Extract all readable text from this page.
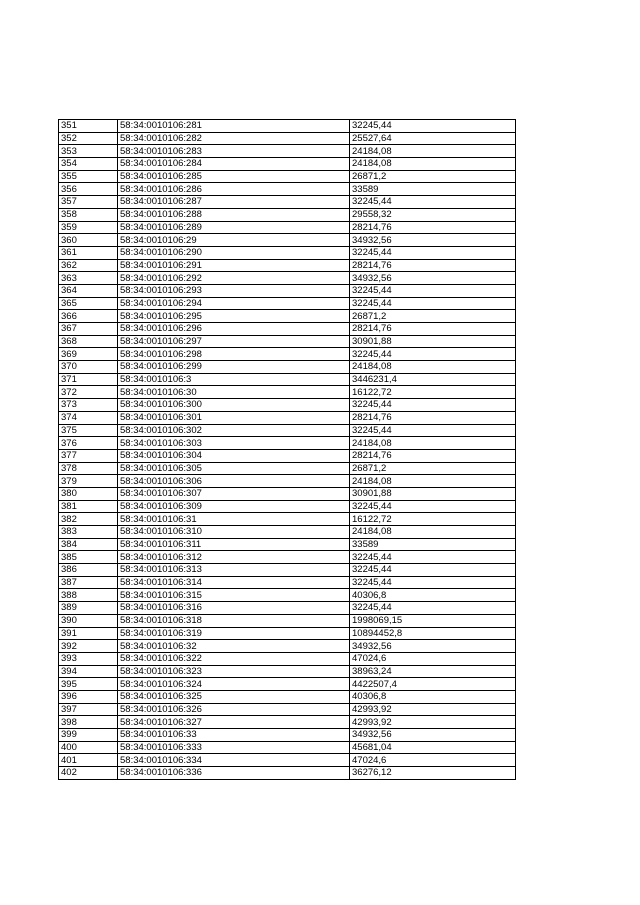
351	58:34:0010106:281	32245,44
352	58:34:0010106:282	25527,64
353	58:34:0010106:283	24184,08
354	58:34:0010106:284	24184,08
355	58:34:0010106:285	26871,2
356	58:34:0010106:286	33589
357	58:34:0010106:287	32245,44
358	58:34:0010106:288	29558,32
359	58:34:0010106:289	28214,76
360	58:34:0010106:29	34932,56
361	58:34:0010106:290	32245,44
362	58:34:0010106:291	28214,76
363	58:34:0010106:292	34932,56
364	58:34:0010106:293	32245,44
365	58:34:0010106:294	32245,44
366	58:34:0010106:295	26871,2
367	58:34:0010106:296	28214,76
368	58:34:0010106:297	30901,88
369	58:34:0010106:298	32245,44
370	58:34:0010106:299	24184,08
371	58:34:0010106:3	3446231,4
372	58:34:0010106:30	16122,72
373	58:34:0010106:300	32245,44
374	58:34:0010106:301	28214,76
375	58:34:0010106:302	32245,44
376	58:34:0010106:303	24184,08
377	58:34:0010106:304	28214,76
378	58:34:0010106:305	26871,2
379	58:34:0010106:306	24184,08
380	58:34:0010106:307	30901,88
381	58:34:0010106:309	32245,44
382	58:34:0010106:31	16122,72
383	58:34:0010106:310	24184,08
384	58:34:0010106:311	33589
385	58:34:0010106:312	32245,44
386	58:34:0010106:313	32245,44
387	58:34:0010106:314	32245,44
388	58:34:0010106:315	40306,8
389	58:34:0010106:316	32245,44
390	58:34:0010106:318	1998069,15
391	58:34:0010106:319	10894452,8
392	58:34:0010106:32	34932,56
393	58:34:0010106:322	47024,6
394	58:34:0010106:323	38963,24
395	58:34:0010106:324	4422507,4
396	58:34:0010106:325	40306,8
397	58:34:0010106:326	42993,92
398	58:34:0010106:327	42993,92
399	58:34:0010106:33	34932,56
400	58:34:0010106:333	45681,04
401	58:34:0010106:334	47024,6
402	58:34:0010106:336	36276,12
